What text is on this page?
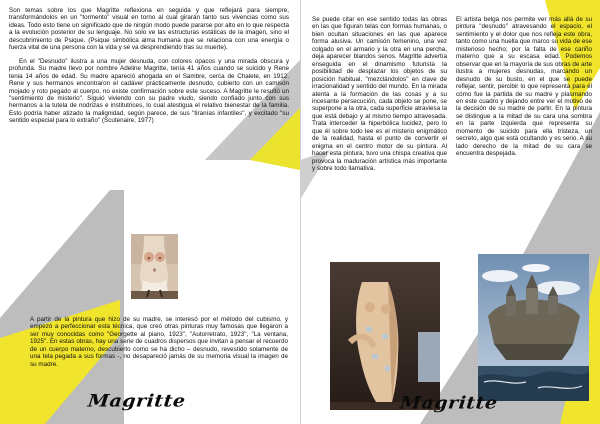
Son temas sobre los que Magritte reflexiona en seguida y que reflejará para siempre, transformándolos en un "tormento" visual en torno al cual girarán tanto sus vivencias como sus ideas. Todo esto tiene un significado que de ningún modo puede pararse por alto en lo que respecta a la evolución posterior de su lenguaje. No solo ve las estructuras estáticas de la imagen, sino el descubrimiento de Psique. (Psique simbólica alma humana que se relaciona con una energía o fuerza vital de una persona con la vida y se va desprendiendo tras su muerte).

En el "Desnudo" ilustra a una mujer desnuda, con colores opacos y una mirada obscura y profunda. Su madre llevo por nombre Adeline Magritte, tenía 41 años cuando se suicido y Rene tenia 14 años de edad. Su madre apareció ahogada en el Sambre, cerca de Chalete, en 1912. Rene y sus hermanos encontraron el cadáver prácticamente desnudo, cubierto con un camisón mojado y roto pegado al cuerpo, no existe confirmación sobre este suceso. A Magritte le resultó un "sentimiento de misterio". Siguió viviendo con su padre viudo, siendo confiado junto con sus hermanos a la tutela de nodrizas e institutrices, lo cual atestigua el relativo bienestar de la familia. Esto podría haber atizado la malignidad, según parece, de sus "tiranías infantiles", y excitado "su sentido especial para lo extraño" (Scutenaire, 1977)

A partir de la pintura que hizo de su madre, se interesó por el método del cubismo, y empezó a perfeccionar esta técnica, que creó otras pinturas muy famosas que llegaron a ser muy conocidas como "Georgette al piano, 1923", "Autorretrato, 1923", "La ventana, 1925". En estas obras, hay una serie de cuadros dispersos que invitan a pensar el recuerdo de un cuerpo materno, descubierto como se ha dicho – desnudo, revestido solamente de una tela pegada a sus formas -, no desapareció jamás de su memoria visual la imagen de su madre.

Magritte

Se puede citar en ese sentido todas las obras en las que figuran telas con formas humanas, o bien ocultan situaciones en las que aparece forma alusiva. Un camisón femenino, una vez colgado en el armario y la otra en una percha, deja aparecer blandos senos. Magritte advertía enseguida en el dinamismo futurista la posibilidad de desplazar los objetos de su posición habitual, "mezclándolos" en clave de irracionalidad y sentido del mundo. En la mirada atenta a la formación de las cosas y a su incesante persecución, cada objeto se pone, se superpone a la otra, cada superficie atraviesa la que está debajo y al mismo tiempo atravesada. Trata interceder la hiperbólica lucidez, pero lo que él sobre todo lee es el misterio enigmático de la realidad, hasta el punto de convertir el enigma en el centro motor de su pintura. Al hacer esta pintura, tuvo una chispa creativa que provoca la maduración artística más importante y sobre todo llamativa.

El artista belga nos permite ver más allá de su pintura "desnudo" atravesando el espacio, el sentimiento y el dolor que nos refleja este obra, tanto como una huella que marco su vida de ese misterioso hecho; por la falta de ese cariño materno que a su escasa edad. Podemos observar que en la mayoría de sus obras de arte ilustra a mujeres desnudas, marcando un desnudo de su busto, en el que se puede reflejar, sentir, percibir lo que representa para él cómo fue la partida de su madre y plasmando en este cuadro y dejando entre ver el motivo de la decisión de su madre de partir. En la pintura se distingue a la mitad de su cara una sombra en la parte izquierda que representa su momento de suicido para ella tristeza, un secreto, algo que está ocultando y es serio. A su lado derecho de la mitad de su cara se encuentra despejada.

Magritte
